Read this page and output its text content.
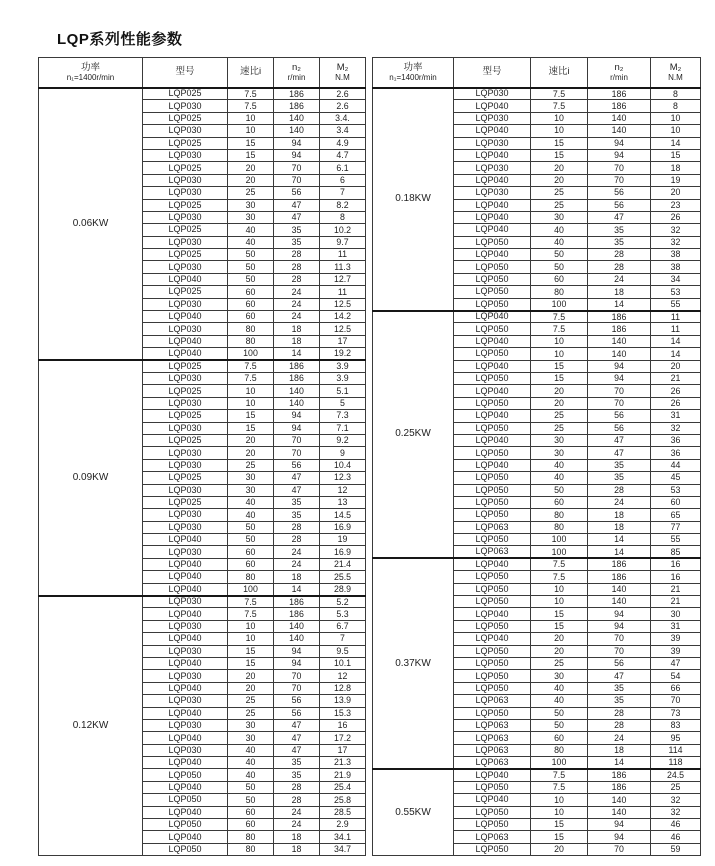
LQP系列性能参数
功率
n₁=1400r/min
	型号	速比i	n₂
r/min

M₂
N.M

0.06KW	LQP025	7.5	186	2.6
	LQP030	7.5	186	2.6
	LQP025	10	140	3.4.
	LQP030	10	140	3.4
	LQP025	15	94	4.9
	LQP030	15	94	4.7
	LQP025	20	70	6.1
	LQP030	20	70	6
	LQP030	25	56	7
	LQP025	30	47	8.2
	LQP030	30	47	8
	LQP025	40	35	10.2
	LQP030	40	35	9.7
	LQP025	50	28	11
	LQP030	50	28	11.3
	LQP040	50	28	12.7
	LQP025	60	24	11
	LQP030	60	24	12.5
	LQP040	60	24	14.2
	LQP030	80	18	12.5
	LQP040	80	18	17
	LQP040	100	14	19.2
0.09KW	LQP025	7.5	186	3.9
	LQP030	7.5	186	3.9
	LQP025	10	140	5.1
	LQP030	10	140	5
	LQP025	15	94	7.3
	LQP030	15	94	7.1
	LQP025	20	70	9.2
	LQP030	20	70	9
	LQP030	25	56	10.4
	LQP025	30	47	12.3
	LQP030	30	47	12
	LQP025	40	35	13
	LQP030	40	35	14.5
	LQP030	50	28	16.9
	LQP040	50	28	19
	LQP030	60	24	16.9
	LQP040	60	24	21.4
	LQP040	80	18	25.5
	LQP040	100	14	28.9
0.12KW	LQP030	7.5	186	5.2
	LQP040	7.5	186	5.3
	LQP030	10	140	6.7
	LQP040	10	140	7
	LQP030	15	94	9.5
	LQP040	15	94	10.1
	LQP030	20	70	12
	LQP040	20	70	12.8
	LQP030	25	56	13.9
	LQP040	25	56	15.3
	LQP030	30	47	16
	LQP040	30	47	17.2
	LQP030	40	47	17
	LQP040	40	35	21.3
	LQP050	40	35	21.9
	LQP040	50	28	25.4
	LQP050	50	28	25.8
	LQP040	60	24	28.5
	LQP050	60	24	2.9
	LQP040	80	18	34.1
	LQP050	80	18	34.7
功率
n₁=1400r/min
	型号	速比i	n₂
r/min

M₂
N.M

0.18KW	LQP030	7.5	186	8
	LQP040	7.5	186	8
	LQP030	10	140	10
	LQP040	10	140	10
	LQP030	15	94	14
	LQP040	15	94	15
	LQP030	20	70	18
	LQP040	20	70	19
	LQP030	25	56	20
	LQP040	25	56	23
	LQP040	30	47	26
	LQP040	40	35	32
	LQP050	40	35	32
	LQP040	50	28	38
	LQP050	50	28	38
	LQP050	60	24	34
	LQP050	80	18	53
	LQP050	100	14	55
0.25KW	LQP040	7.5	186	11
	LQP050	7.5	186	11
	LQP040	10	140	14
	LQP050	10	140	14
	LQP040	15	94	20
	LQP050	15	94	21
	LQP040	20	70	26
	LQP050	20	70	26
	LQP040	25	56	31
	LQP050	25	56	32
	LQP040	30	47	36
	LQP050	30	47	36
	LQP040	40	35	44
	LQP050	40	35	45
	LQP050	50	28	53
	LQP050	60	24	60
	LQP050	80	18	65
	LQP063	80	18	77
	LQP050	100	14	55
	LQP063	100	14	85
0.37KW	LQP040	7.5	186	16
	LQP050	7.5	186	16
	LQP050	10	140	21
	LQP050	10	140	21
	LQP040	15	94	30
	LQP050	15	94	31
	LQP040	20	70	39
	LQP050	20	70	39
	LQP050	25	56	47
	LQP050	30	47	54
	LQP050	40	35	66
	LQP063	40	35	70
	LQP050	50	28	73
	LQP063	50	28	83
	LQP063	60	24	95
	LQP063	80	18	114
	LQP063	100	14	118
0.55KW	LQP040	7.5	186	24.5
	LQP050	7.5	186	25
	LQP040	10	140	32
	LQP050	10	140	32
	LQP050	15	94	46
	LQP063	15	94	46
	LQP050	20	70	59
